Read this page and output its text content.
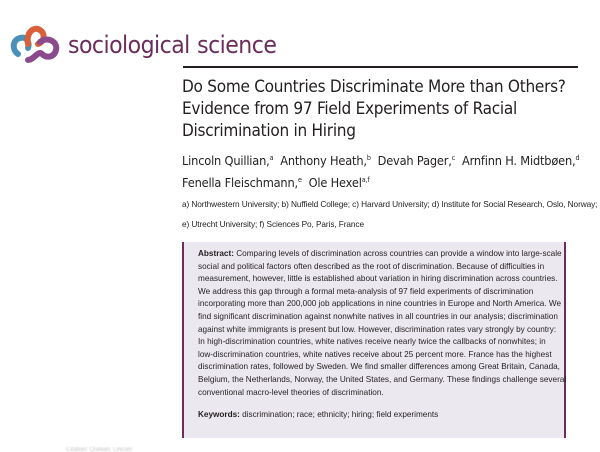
sociological science
Do Some Countries Discriminate More than Others?
Evidence from 97 Field Experiments of Racial
Discrimination in Hiring
Lincoln Quillian,$^a$ Anthony Heath,$^b$ Devah Pager,$^c$ Arnfinn H. Midtbøen,$^d$
Fenella Fleischmann,$^e$ Ole Hexel$^{a,f}$
a) Northwestern University; b) Nuffield College; c) Harvard University; d) Institute for Social Research, Oslo, Norway;
e) Utrecht University; f) Sciences Po, Paris, France
Abstract: Comparing levels of discrimination across countries can provide a window into large-scale
social and political factors often described as the root of discrimination. Because of difficulties in
measurement, however, little is established about variation in hiring discrimination across countries.
We address this gap through a formal meta-analysis of 97 field experiments of discrimination
incorporating more than 200,000 job applications in nine countries in Europe and North America. We
find significant discrimination against nonwhite natives in all countries in our analysis; discrimination
against white immigrants is present but low. However, discrimination rates vary strongly by country:
In high-discrimination countries, white natives receive nearly twice the callbacks of nonwhites; in
low-discrimination countries, white natives receive about 25 percent more. France has the highest
discrimination rates, followed by Sweden. We find smaller differences among Great Britain, Canada,
Belgium, the Netherlands, Norway, the United States, and Germany. These findings challenge several
conventional macro-level theories of discrimination.
Keywords: discrimination; race; ethnicity; hiring; field experiments
Citation: Quillian, Lincoln
